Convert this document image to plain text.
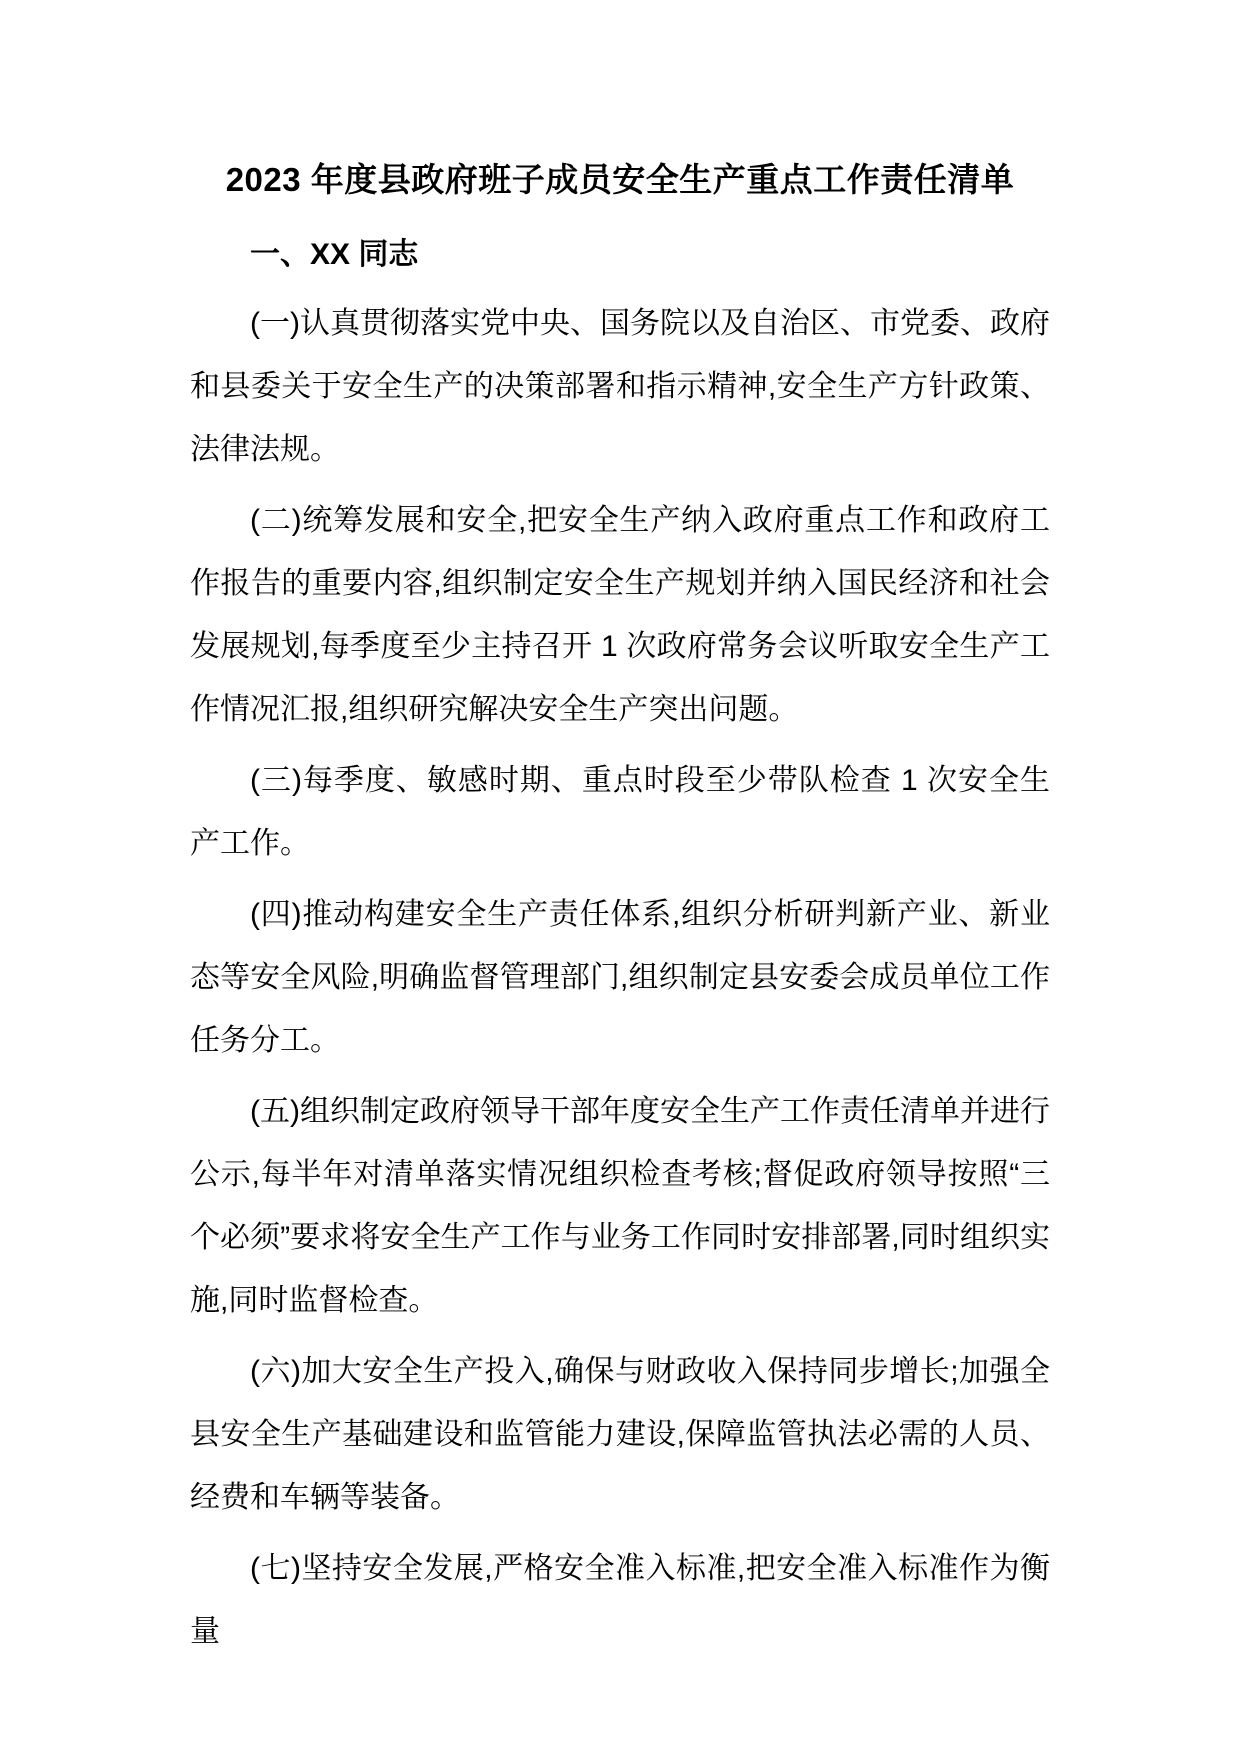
2023 年度县政府班子成员安全生产重点工作责任清单
一、XX 同志

(一)认真贯彻落实党中央、国务院以及自治区、市党委、政府和县委关于安全生产的决策部署和指示精神,安全生产方针政策、法律法规。

(二)统筹发展和安全,把安全生产纳入政府重点工作和政府工作报告的重要内容,组织制定安全生产规划并纳入国民经济和社会发展规划,每季度至少主持召开 1 次政府常务会议听取安全生产工作情况汇报,组织研究解决安全生产突出问题。

(三)每季度、敏感时期、重点时段至少带队检查 1 次安全生产工作。

(四)推动构建安全生产责任体系,组织分析研判新产业、新业态等安全风险,明确监督管理部门,组织制定县安委会成员单位工作任务分工。

(五)组织制定政府领导干部年度安全生产工作责任清单并进行公示,每半年对清单落实情况组织检查考核;督促政府领导按照“三个必须”要求将安全生产工作与业务工作同时安排部署,同时组织实施,同时监督检查。

(六)加大安全生产投入,确保与财政收入保持同步增长;加强全县安全生产基础建设和监管能力建设,保障监管执法必需的人员、经费和车辆等装备。

(七)坚持安全发展,严格安全准入标准,把安全准入标准作为衡量
